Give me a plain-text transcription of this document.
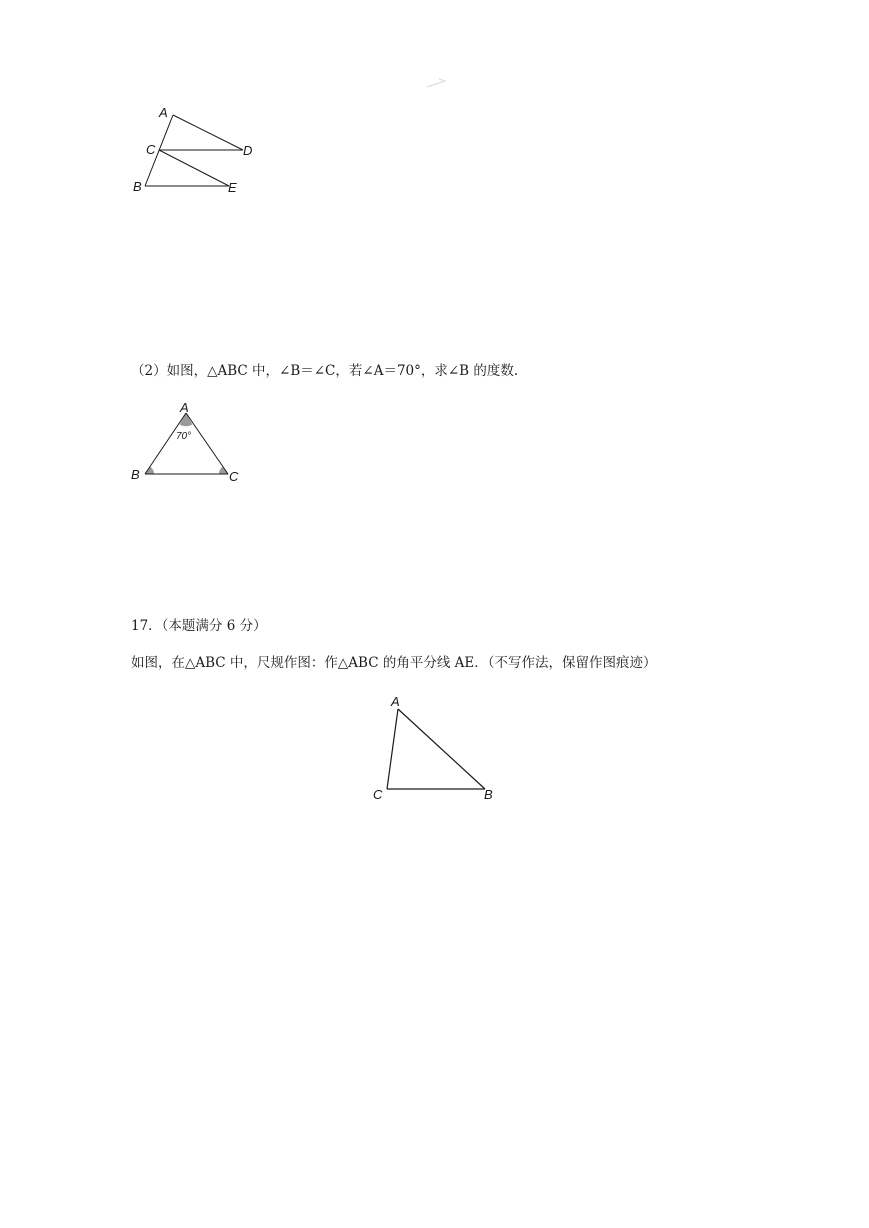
A
C	D
B	E
（2）如图，△ABC 中，∠B＝∠C，若∠A＝70°，求∠B 的度数.
A
70°
B	C
17．（本题满分 6 分）
如图，在△ABC 中，尺规作图：作△ABC 的角平分线 AE．（不写作法，保留作图痕迹）
A
C	B
